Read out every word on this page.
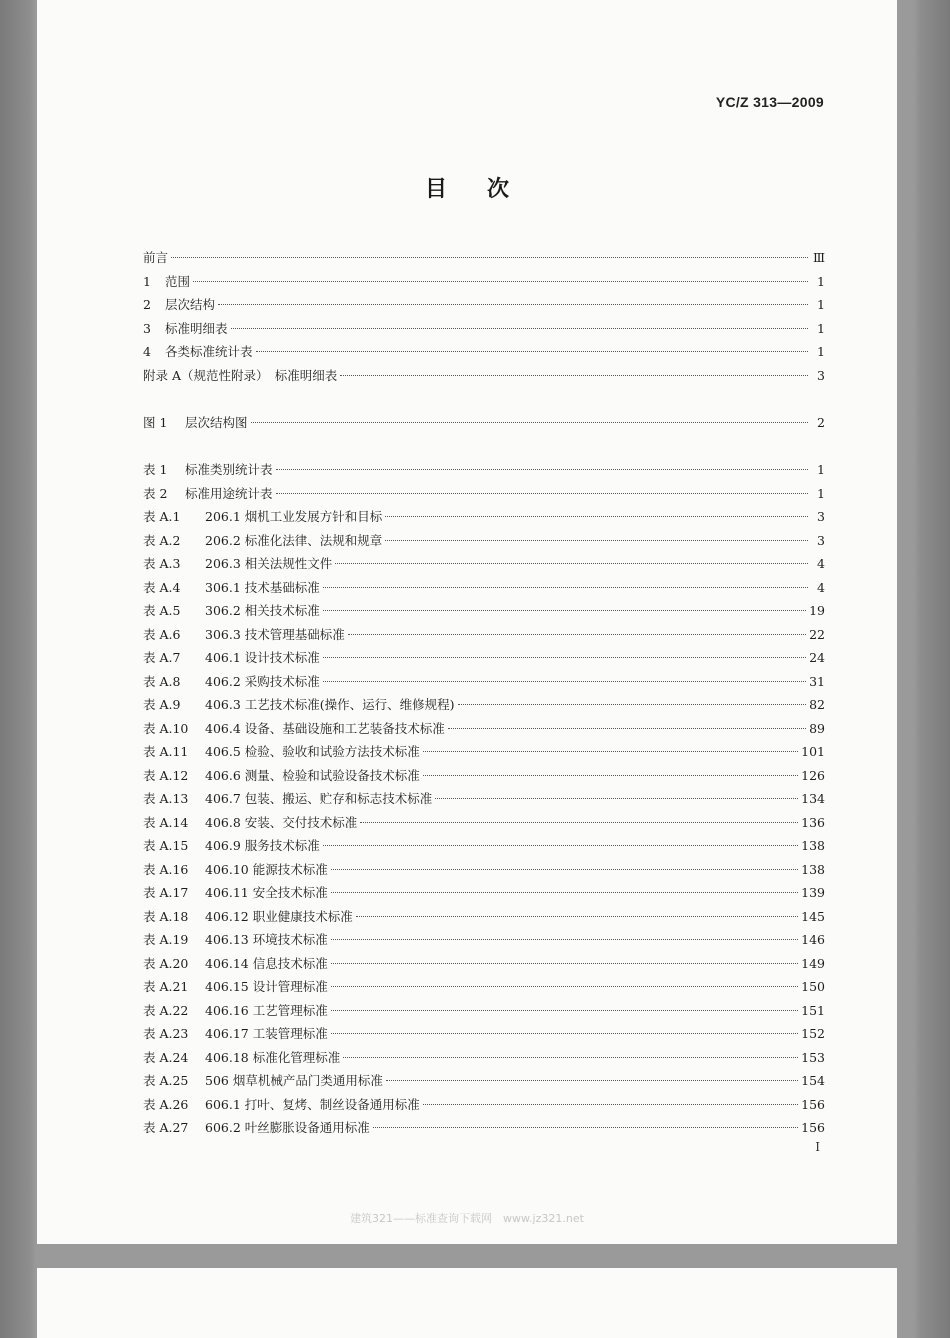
YC/Z 313—2009
目次
前言	Ⅲ
1	范围	1
2	层次结构	1
3	标准明细表	1
4	各类标准统计表	1
附录 A（规范性附录）　标准明细表	3
图 1	层次结构图	2
表 1	标准类别统计表	1
表 2	标准用途统计表	1
表 A.1	206.1 烟机工业发展方针和目标	3
表 A.2	206.2 标准化法律、法规和规章	3
表 A.3	206.3 相关法规性文件	4
表 A.4	306.1 技术基础标准	4
表 A.5	306.2 相关技术标准	19
表 A.6	306.3 技术管理基础标准	22
表 A.7	406.1 设计技术标准	24
表 A.8	406.2 采购技术标准	31
表 A.9	406.3 工艺技术标准(操作、运行、维修规程)	82
表 A.10	406.4 设备、基础设施和工艺装备技术标准	89
表 A.11	406.5 检验、验收和试验方法技术标准	101
表 A.12	406.6 测量、检验和试验设备技术标准	126
表 A.13	406.7 包装、搬运、贮存和标志技术标准	134
表 A.14	406.8 安装、交付技术标准	136
表 A.15	406.9 服务技术标准	138
表 A.16	406.10 能源技术标准	138
表 A.17	406.11 安全技术标准	139
表 A.18	406.12 职业健康技术标准	145
表 A.19	406.13 环境技术标准	146
表 A.20	406.14 信息技术标准	149
表 A.21	406.15 设计管理标准	150
表 A.22	406.16 工艺管理标准	151
表 A.23	406.17 工装管理标准	152
表 A.24	406.18 标准化管理标准	153
表 A.25	506 烟草机械产品门类通用标准	154
表 A.26	606.1 打叶、复烤、制丝设备通用标准	156
表 A.27	606.2 叶丝膨胀设备通用标准	156
I
建筑321——标准查询下载网　www.jz321.net
